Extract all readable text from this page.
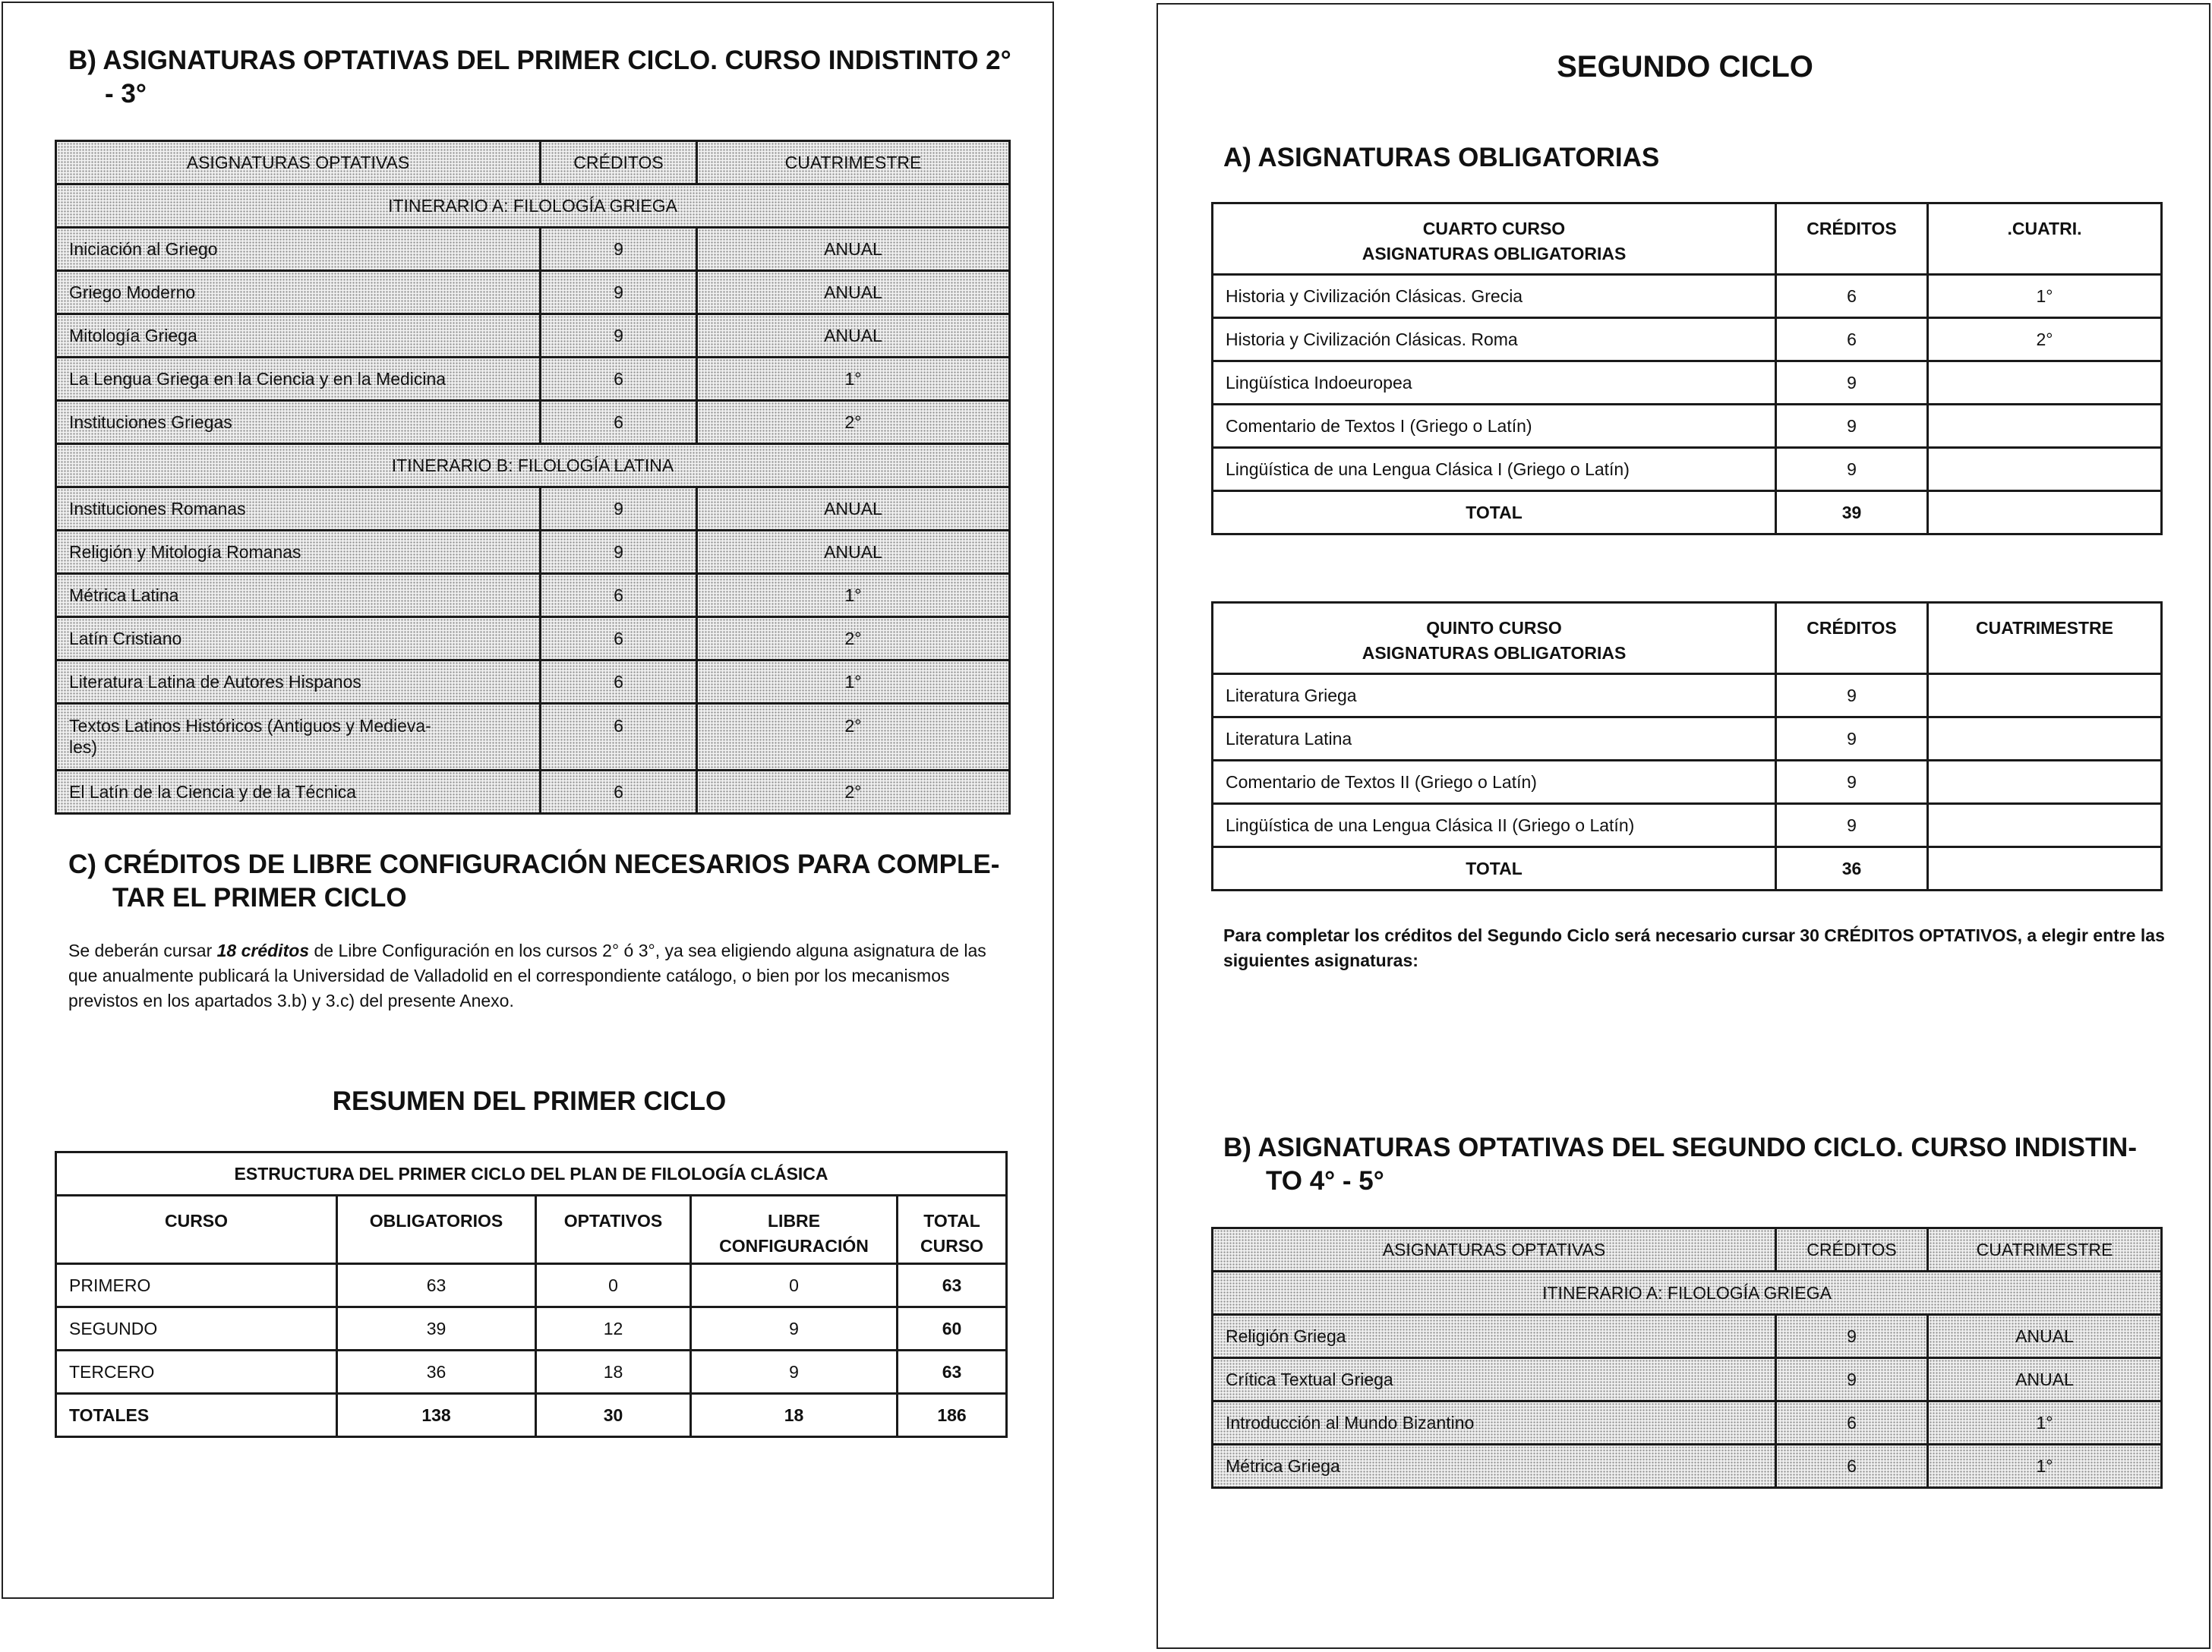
B) ASIGNATURAS OPTATIVAS DEL PRIMER CICLO. CURSO INDISTINTO 2°
- 3°
ASIGNATURAS OPTATIVAS	CRÉDITOS	CUATRIMESTRE
ITINERARIO A: FILOLOGÍA GRIEGA		
Iniciación al Griego	9	ANUAL
Griego Moderno	9	ANUAL
Mitología Griega	9	ANUAL
La Lengua Griega en la Ciencia y en la Medicina	6	1°
Instituciones Griegas	6	2°
ITINERARIO B: FILOLOGÍA LATINA		
Instituciones Romanas	9	ANUAL
Religión y Mitología Romanas	9	ANUAL
Métrica Latina	6	1°
Latín Cristiano	6	2°
Literatura Latina de Autores Hispanos	6	1°

Textos Latinos Históricos (Antiguos y Medieva-
les)	6	2°
El Latín de la Ciencia y de la Técnica	6	2°
C) CRÉDITOS DE LIBRE CONFIGURACIÓN NECESARIOS PARA COMPLE-
TAR EL PRIMER CICLO
Se deberán cursar 18 créditos de Libre Configuración en los cursos 2° ó 3°, ya sea eligiendo alguna asignatura de las que anualmente publicará la Universidad de Valladolid en el correspondiente catálogo, o bien por los mecanismos previstos en los apartados 3.b) y 3.c) del presente Anexo.
RESUMEN DEL PRIMER CICLO
ESTRUCTURA DEL PRIMER CICLO DEL PLAN DE FILOLOGÍA CLÁSICA				
CURSO	OBLIGATORIOS	OPTATIVOS	LIBRE CONFIGURACIÓN	TOTAL CURSO
PRIMERO	63	0	0	63
SEGUNDO	39	12	9	60
TERCERO	36	18	9	63
TOTALES	138	30	18	186
SEGUNDO CICLO
A) ASIGNATURAS OBLIGATORIAS
CUARTO CURSO
ASIGNATURAS OBLIGATORIAS	CRÉDITOS	.CUATRI.
Historia y Civilización Clásicas. Grecia	6	1°
Historia y Civilización Clásicas. Roma	6	2°
Lingüística Indoeuropea	9	
Comentario de Textos I (Griego o Latín)	9	
Lingüística de una Lengua Clásica I (Griego o Latín)	9	
TOTAL	39	
QUINTO CURSO
ASIGNATURAS OBLIGATORIAS	CRÉDITOS	CUATRIMESTRE
Literatura Griega	9	
Literatura Latina	9	
Comentario de Textos II (Griego o Latín)	9	
Lingüística de una Lengua Clásica II (Griego o Latín)	9	
TOTAL	36	
Para completar los créditos del Segundo Ciclo será necesario cursar 30 CRÉDITOS OPTATIVOS, a elegir entre las siguientes asignaturas:
B) ASIGNATURAS OPTATIVAS DEL SEGUNDO CICLO. CURSO INDISTIN-
TO 4° - 5°
ASIGNATURAS OPTATIVAS	CRÉDITOS	CUATRIMESTRE
ITINERARIO A: FILOLOGÍA GRIEGA		
Religión Griega	9	ANUAL
Crítica Textual Griega	9	ANUAL
Introducción al Mundo Bizantino	6	1°
Métrica Griega	6	1°
